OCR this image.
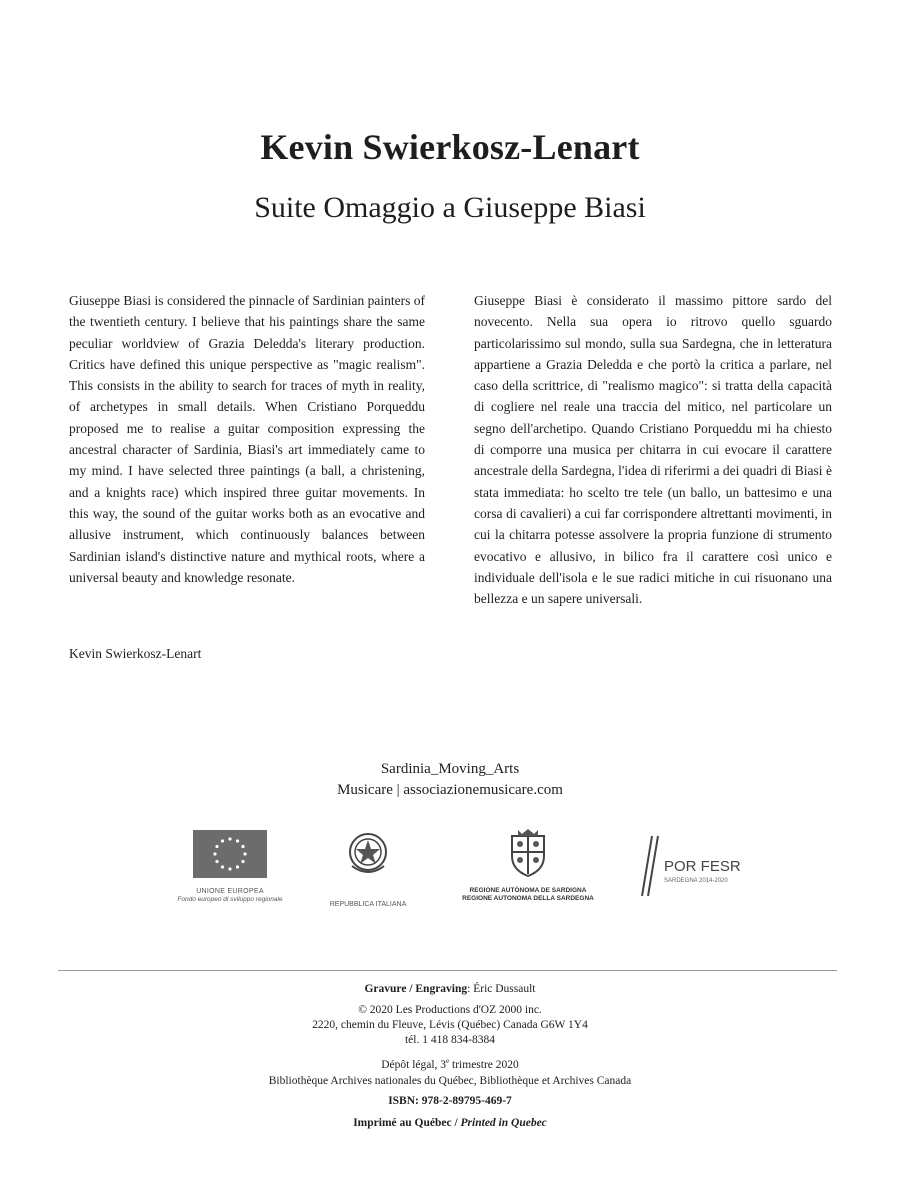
Kevin Swierkosz-Lenart
Suite Omaggio a Giuseppe Biasi
Giuseppe Biasi is considered the pinnacle of Sardinian painters of the twentieth century. I believe that his paintings share the same peculiar worldview of Grazia Deledda's literary production. Critics have defined this unique perspective as "magic realism". This consists in the ability to search for traces of myth in reality, of archetypes in small details. When Cristiano Porqueddu proposed me to realise a guitar composition expressing the ancestral character of Sardinia, Biasi's art immediately came to my mind. I have selected three paintings (a ball, a christening, and a knights race) which inspired three guitar movements. In this way, the sound of the guitar works both as an evocative and allusive instrument, which continuously balances between Sardinian island's distinctive nature and mythical roots, where a universal beauty and knowledge resonate.
Kevin Swierkosz-Lenart
Giuseppe Biasi è considerato il massimo pittore sardo del novecento. Nella sua opera io ritrovo quello sguardo particolarissimo sul mondo, sulla sua Sardegna, che in letteratura appartiene a Grazia Deledda e che portò la critica a parlare, nel caso della scrittrice, di "realismo magico": si tratta della capacità di cogliere nel reale una traccia del mitico, nel particolare un segno dell'archetipo. Quando Cristiano Porqueddu mi ha chiesto di comporre una musica per chitarra in cui evocare il carattere ancestrale della Sardegna, l'idea di riferirmi a dei quadri di Biasi è stata immediata: ho scelto tre tele (un ballo, un battesimo e una corsa di cavalieri) a cui far corrispondere altrettanti movimenti, in cui la chitarra potesse assolvere la propria funzione di strumento evocativo e allusivo, in bilico fra il carattere così unico e individuale dell'isola e le sue radici mitiche in cui risuonano una bellezza e un sapere universali.
Sardinia_Moving_Arts
Musicare | associazionemusicare.com
UNIONE EUROPEA
Fondo europeo di sviluppo regionale
REPUBBLICA ITALIANA
REGIONE AUTÒNOMA DE SARDIGNA
REGIONE AUTONOMA DELLA SARDEGNA
POR FESR
SARDEGNA 2014-2020
Gravure / Engraving: Éric Dussault
© 2020 Les Productions d'OZ 2000 inc.
2220, chemin du Fleuve, Lévis (Québec) Canada G6W 1Y4
tél. 1 418 834-8384
Dépôt légal, 3e trimestre 2020
Bibliothèque Archives nationales du Québec, Bibliothèque et Archives Canada
ISBN: 978-2-89795-469-7
Imprimé au Québec / Printed in Quebec
